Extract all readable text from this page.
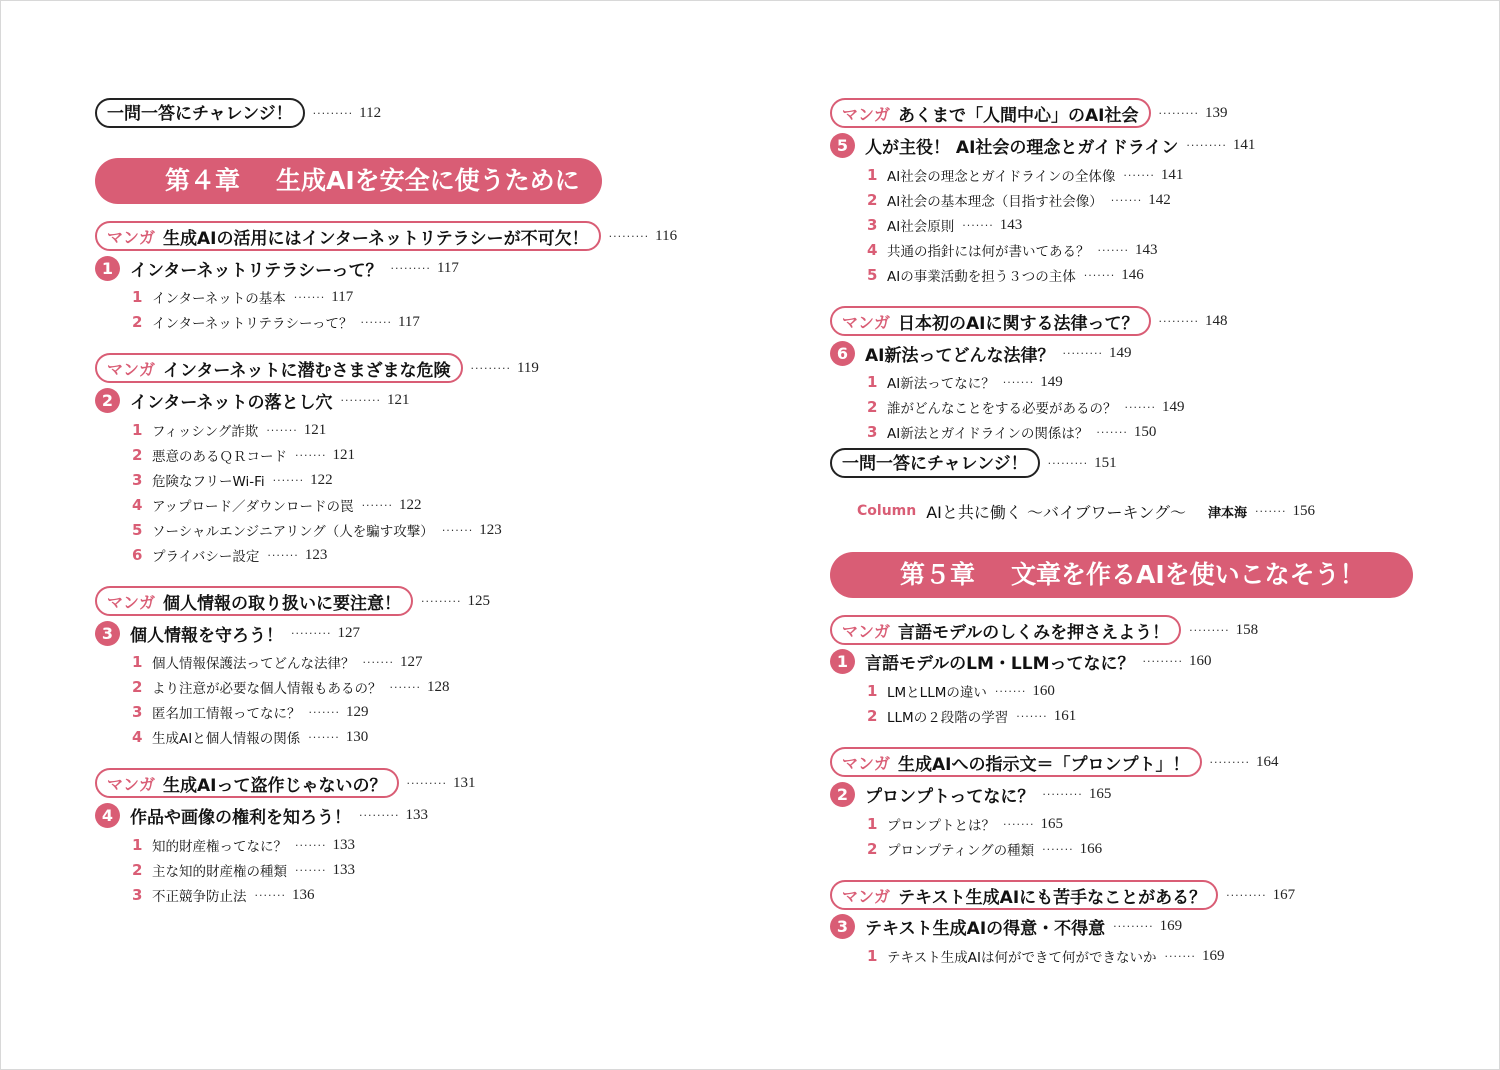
一問一答にチャレンジ！	········· 112
第４章 生成AIを安全に使うために
マンガ 生成AIの活用にはインターネットリテラシーが不可欠！ ········· 116
1 インターネットリテラシーって？ ········· 117
1 インターネットの基本 ······· 117
2 インターネットリテラシーって？ ······· 117
マンガ インターネットに潜むさまざまな危険 ········· 119
2 インターネットの落とし穴 ········· 121
1 フィッシング詐欺 ······· 121
2 悪意のあるＱＲコード ······· 121
3 危険なフリーWi-Fi ······· 122
4 アップロード／ダウンロードの罠 ······· 122
5 ソーシャルエンジニアリング（人を騙す攻撃） ······· 123
6 プライバシー設定 ······· 123
マンガ 個人情報の取り扱いに要注意！ ········· 125
3 個人情報を守ろう！ ········· 127
1 個人情報保護法ってどんな法律？ ······· 127
2 より注意が必要な個人情報もあるの？ ······· 128
3 匿名加工情報ってなに？ ······· 129
4 生成AIと個人情報の関係 ······· 130
マンガ 生成AIって盗作じゃないの？ ········· 131
4 作品や画像の権利を知ろう！ ········· 133
1 知的財産権ってなに？ ······· 133
2 主な知的財産権の種類 ······· 133
3 不正競争防止法 ······· 136
マンガ あくまで「人間中心」のAI社会 ········· 139
5 人が主役！ AI社会の理念とガイドライン ········· 141
1 AI社会の理念とガイドラインの全体像 ······· 141
2 AI社会の基本理念（目指す社会像） ······· 142
3 AI社会原則 ······· 143
4 共通の指針には何が書いてある？ ······· 143
5 AIの事業活動を担う３つの主体 ······· 146
マンガ 日本初のAIに関する法律って？ ········· 148
6 AI新法ってどんな法律？ ········· 149
1 AI新法ってなに？ ······· 149
2 誰がどんなことをする必要があるの？ ······· 149
3 AI新法とガイドラインの関係は？ ······· 150
一問一答にチャレンジ！	········· 151
Column AIと共に働く ～バイブワーキング～ 津本海 ······· 156
第５章 文章を作るAIを使いこなそう！
マンガ 言語モデルのしくみを押さえよう！ ········· 158
1 言語モデルのLM・LLMってなに？ ········· 160
1 LMとLLMの違い ······· 160
2 LLMの２段階の学習 ······· 161
マンガ 生成AIへの指示文＝「プロンプト」！ ········· 164
2 プロンプトってなに？ ········· 165
1 プロンプトとは？ ······· 165
2 プロンプティングの種類 ······· 166
マンガ テキスト生成AIにも苦手なことがある？ ········· 167
3 テキスト生成AIの得意・不得意 ········· 169
1 テキスト生成AIは何ができて何ができないか ······· 169
